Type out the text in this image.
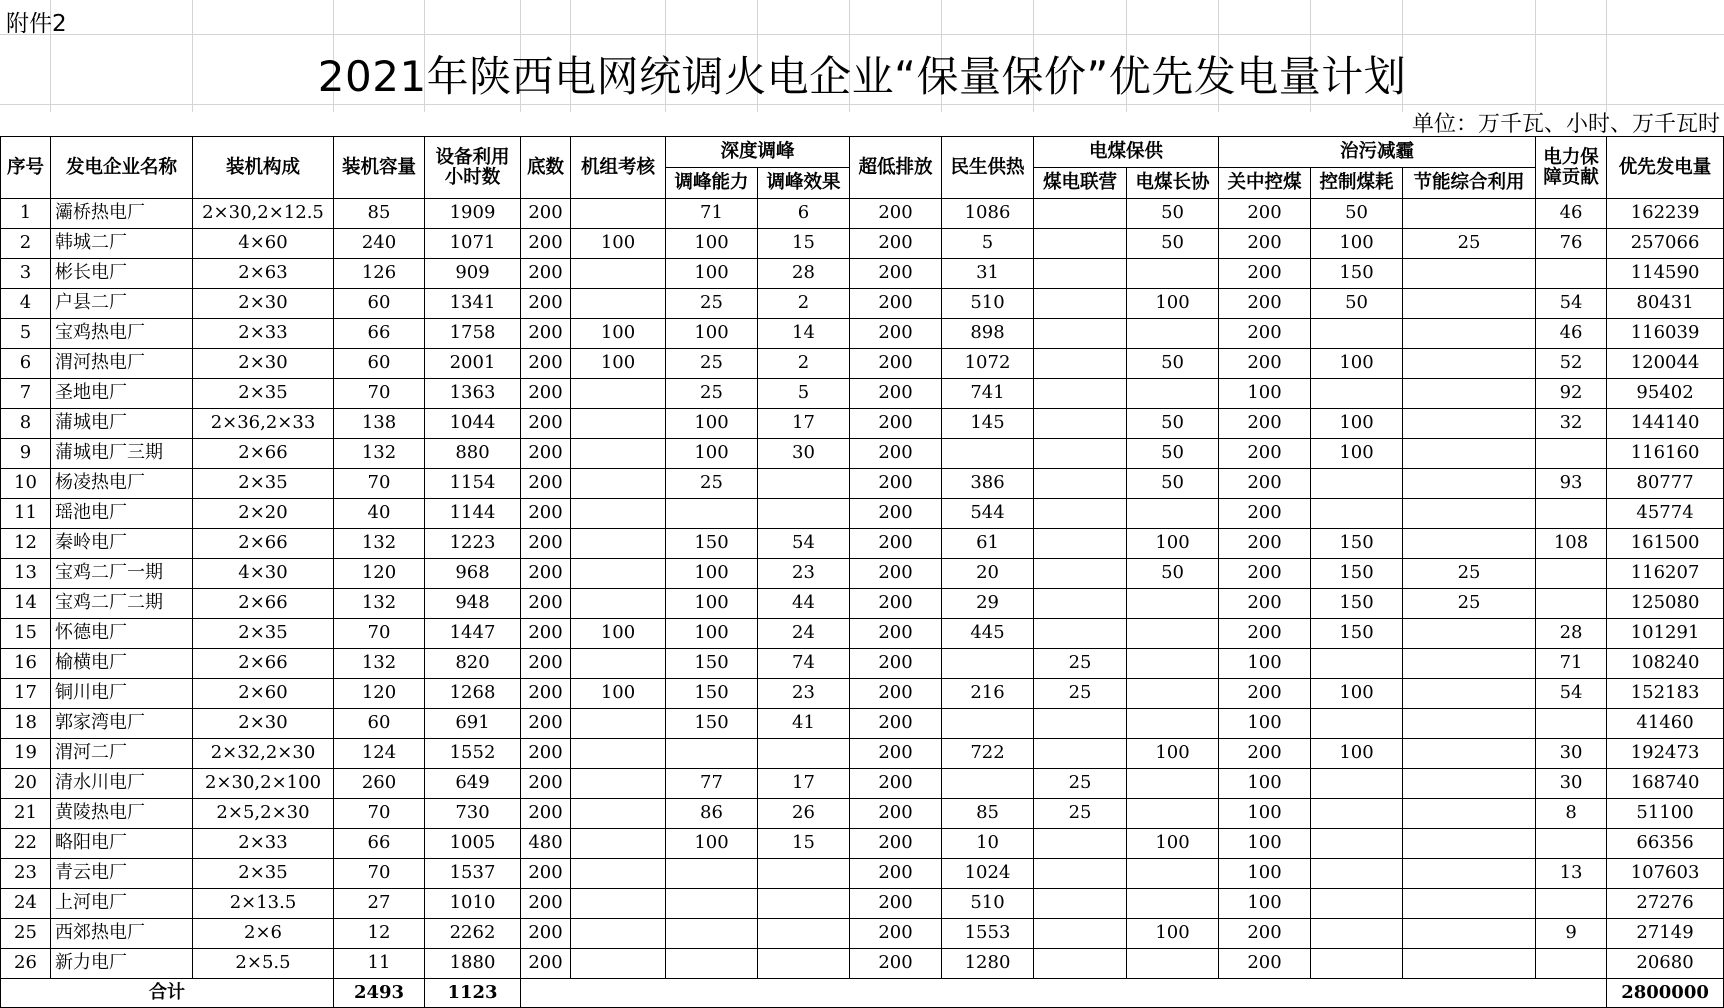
附件2
2021年陕西电网统调火电企业“保量保价”优先发电量计划
单位：万千瓦、小时、万千瓦时
序号	发电企业名称	装机构成	装机容量	设备利用
小时数	底数	机组考核	深度调峰		超低排放	民生供热	电煤保供		治污减霾			电力保
障贡献	优先发电量
							调峰能力	调峰效果			煤电联营	电煤长协	关中控煤	控制煤耗	节能综合利用		
1	灞桥热电厂	2×30,2×12.5	85	1909	200		71	6	200	1086		50	200	50		46	162239
2	韩城二厂	4×60	240	1071	200	100	100	15	200	5		50	200	100	25	76	257066
3	彬长电厂	2×63	126	909	200		100	28	200	31			200	150			114590
4	户县二厂	2×30	60	1341	200		25	2	200	510		100	200	50		54	80431
5	宝鸡热电厂	2×33	66	1758	200	100	100	14	200	898			200			46	116039
6	渭河热电厂	2×30	60	2001	200	100	25	2	200	1072		50	200	100		52	120044
7	圣地电厂	2×35	70	1363	200		25	5	200	741			100			92	95402
8	蒲城电厂	2×36,2×33	138	1044	200		100	17	200	145		50	200	100		32	144140
9	蒲城电厂三期	2×66	132	880	200		100	30	200			50	200	100			116160
10	杨凌热电厂	2×35	70	1154	200		25		200	386		50	200			93	80777
11	瑶池电厂	2×20	40	1144	200				200	544			200				45774
12	秦岭电厂	2×66	132	1223	200		150	54	200	61		100	200	150		108	161500
13	宝鸡二厂一期	4×30	120	968	200		100	23	200	20		50	200	150	25		116207
14	宝鸡二厂二期	2×66	132	948	200		100	44	200	29			200	150	25		125080
15	怀德电厂	2×35	70	1447	200	100	100	24	200	445			200	150		28	101291
16	榆横电厂	2×66	132	820	200		150	74	200		25		100			71	108240
17	铜川电厂	2×60	120	1268	200	100	150	23	200	216	25		200	100		54	152183
18	郭家湾电厂	2×30	60	691	200		150	41	200				100				41460
19	渭河二厂	2×32,2×30	124	1552	200				200	722		100	200	100		30	192473
20	清水川电厂	2×30,2×100	260	649	200		77	17	200		25		100			30	168740
21	黄陵热电厂	2×5,2×30	70	730	200		86	26	200	85	25		100			8	51100
22	略阳电厂	2×33	66	1005	480		100	15	200	10		100	100				66356
23	青云电厂	2×35	70	1537	200				200	1024			100			13	107603
24	上河电厂	2×13.5	27	1010	200				200	510			100				27276
25	西郊热电厂	2×6	12	2262	200				200	1553		100	200			9	27149
26	新力电厂	2×5.5	11	1880	200				200	1280			200				20680
合计			2493	1123													2800000
